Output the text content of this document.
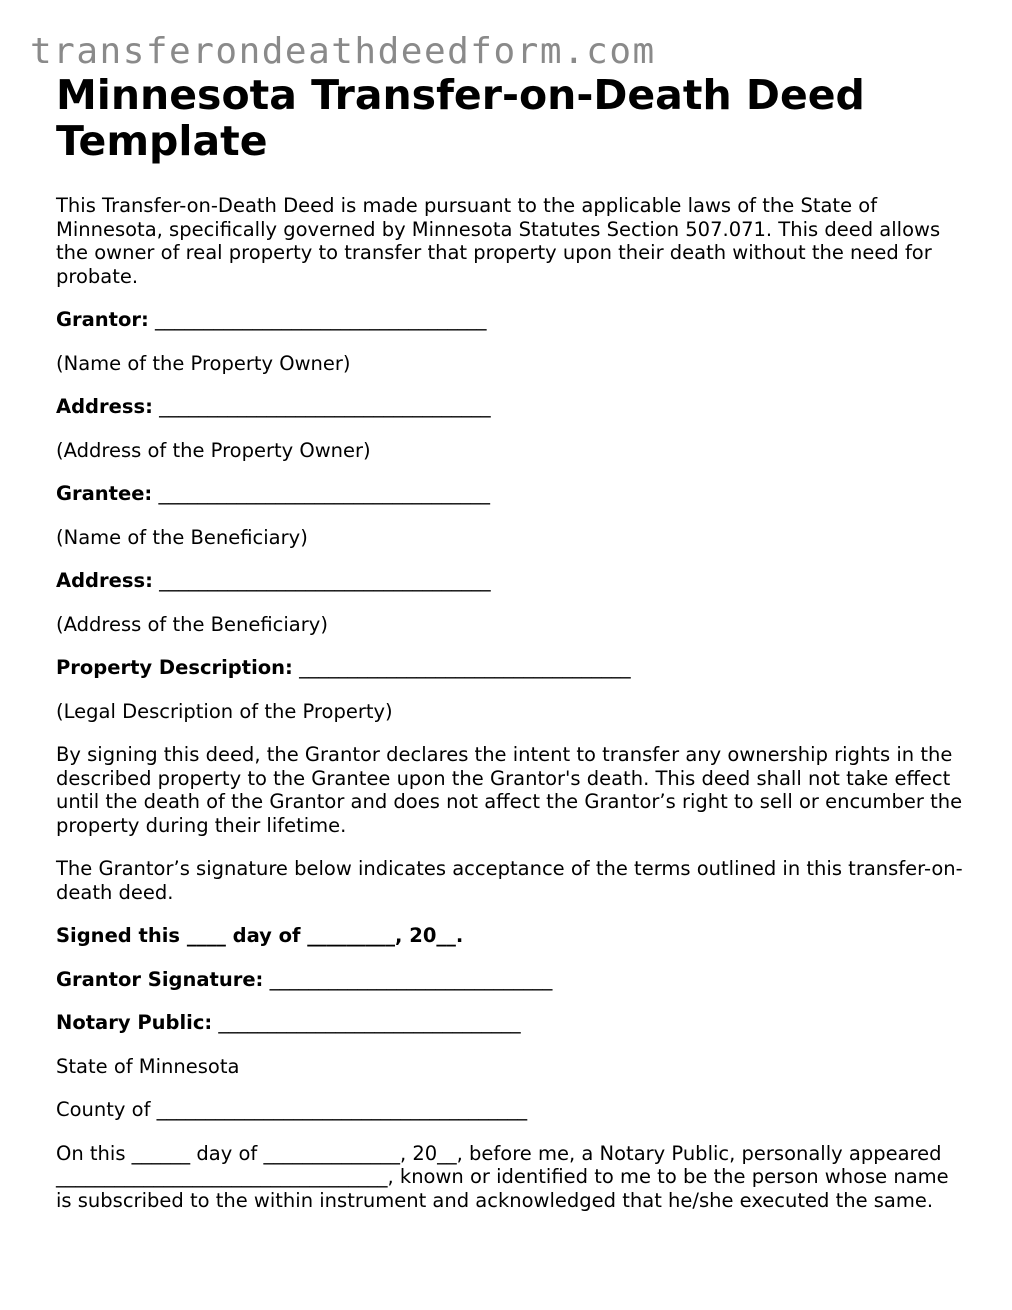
transferondeathdeedform.com
Minnesota Transfer-on-Death Deed Template

This Transfer-on-Death Deed is made pursuant to the applicable laws of the State of Minnesota, specifically governed by Minnesota Statutes Section 507.071. This deed allows the owner of real property to transfer that property upon their death without the need for probate.

Grantor: __________________________________

(Name of the Property Owner)

Address: __________________________________

(Address of the Property Owner)

Grantee: __________________________________

(Name of the Beneficiary)

Address: __________________________________

(Address of the Beneficiary)

Property Description: __________________________________

(Legal Description of the Property)

By signing this deed, the Grantor declares the intent to transfer any ownership rights in the described property to the Grantee upon the Grantor's death. This deed shall not take effect until the death of the Grantor and does not affect the Grantor’s right to sell or encumber the property during their lifetime.

The Grantor’s signature below indicates acceptance of the terms outlined in this transfer-on-death deed.

Signed this ____ day of _________, 20__.

Grantor Signature: _____________________________

Notary Public: _______________________________

State of Minnesota

County of ______________________________________

On this ______ day of ______________, 20__, before me, a Notary Public, personally appeared __________________________________, known or identified to me to be the person whose name is subscribed to the within instrument and acknowledged that he/she executed the same.
